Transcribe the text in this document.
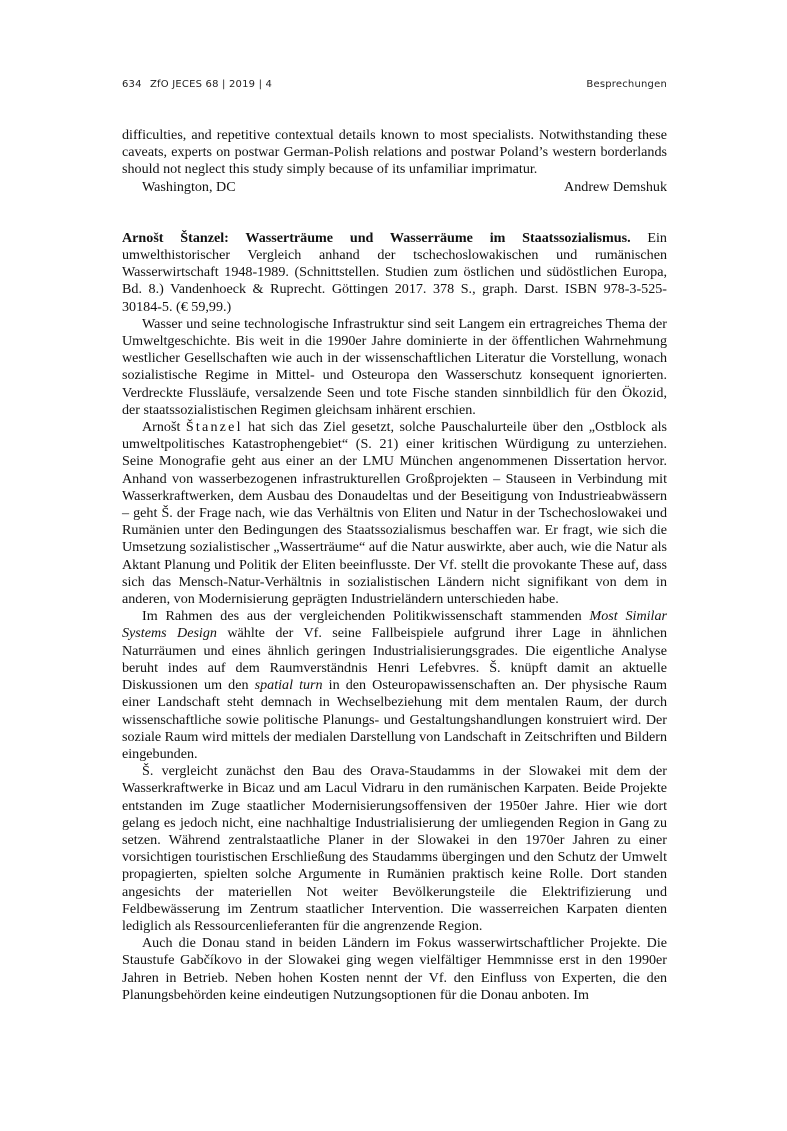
634 ZfO JECES 68 | 2019 | 4	Besprechungen

difficulties, and repetitive contextual details known to most specialists. Notwithstanding these caveats, experts on postwar German-Polish relations and postwar Poland’s western borderlands should not neglect this study simply because of its unfamiliar imprimatur.

Washington, DC	Andrew Demshuk

Arnošt Štanzel: Wasserträume und Wasserräume im Staatssozialismus. Ein umwelthistorischer Vergleich anhand der tschechoslowakischen und rumänischen Wasserwirtschaft 1948-1989. (Schnittstellen. Studien zum östlichen und südöstlichen Europa, Bd. 8.) Vandenhoeck & Ruprecht. Göttingen 2017. 378 S., graph. Darst. ISBN 978-3-525-30184-5. (€ 59,99.)

Wasser und seine technologische Infrastruktur sind seit Langem ein ertragreiches Thema der Umweltgeschichte. Bis weit in die 1990er Jahre dominierte in der öffentlichen Wahrnehmung westlicher Gesellschaften wie auch in der wissenschaftlichen Literatur die Vorstellung, wonach sozialistische Regime in Mittel- und Osteuropa den Wasserschutz konsequent ignorierten. Verdreckte Flussläufe, versalzende Seen und tote Fische standen sinnbildlich für den Ökozid, der staatssozialistischen Regimen gleichsam inhärent erschien.

Arnošt Štanzel hat sich das Ziel gesetzt, solche Pauschalurteile über den „Ostblock als umweltpolitisches Katastrophengebiet“ (S. 21) einer kritischen Würdigung zu unterziehen. Seine Monografie geht aus einer an der LMU München angenommenen Dissertation hervor. Anhand von wasserbezogenen infrastrukturellen Großprojekten – Stauseen in Verbindung mit Wasserkraftwerken, dem Ausbau des Donaudeltas und der Beseitigung von Industrieabwässern – geht Š. der Frage nach, wie das Verhältnis von Eliten und Natur in der Tschechoslowakei und Rumänien unter den Bedingungen des Staatssozialismus beschaffen war. Er fragt, wie sich die Umsetzung sozialistischer „Wasserträume“ auf die Natur auswirkte, aber auch, wie die Natur als Aktant Planung und Politik der Eliten beeinflusste. Der Vf. stellt die provokante These auf, dass sich das Mensch-Natur-Verhältnis in sozialistischen Ländern nicht signifikant von dem in anderen, von Modernisierung geprägten Industrieländern unterschieden habe.

Im Rahmen des aus der vergleichenden Politikwissenschaft stammenden Most Similar Systems Design wählte der Vf. seine Fallbeispiele aufgrund ihrer Lage in ähnlichen Naturräumen und eines ähnlich geringen Industrialisierungsgrades. Die eigentliche Analyse beruht indes auf dem Raumverständnis Henri Lefebvres. Š. knüpft damit an aktuelle Diskussionen um den spatial turn in den Osteuropawissenschaften an. Der physische Raum einer Landschaft steht demnach in Wechselbeziehung mit dem mentalen Raum, der durch wissenschaftliche sowie politische Planungs- und Gestaltungshandlungen konstruiert wird. Der soziale Raum wird mittels der medialen Darstellung von Landschaft in Zeitschriften und Bildern eingebunden.

Š. vergleicht zunächst den Bau des Orava-Staudamms in der Slowakei mit dem der Wasserkraftwerke in Bicaz und am Lacul Vidraru in den rumänischen Karpaten. Beide Projekte entstanden im Zuge staatlicher Modernisierungsoffensiven der 1950er Jahre. Hier wie dort gelang es jedoch nicht, eine nachhaltige Industrialisierung der umliegenden Region in Gang zu setzen. Während zentralstaatliche Planer in der Slowakei in den 1970er Jahren zu einer vorsichtigen touristischen Erschließung des Staudamms übergingen und den Schutz der Umwelt propagierten, spielten solche Argumente in Rumänien praktisch keine Rolle. Dort standen angesichts der materiellen Not weiter Bevölkerungsteile die Elektrifizierung und Feldbewässerung im Zentrum staatlicher Intervention. Die wasserreichen Karpaten dienten lediglich als Ressourcenlieferanten für die angrenzende Region.

Auch die Donau stand in beiden Ländern im Fokus wasserwirtschaftlicher Projekte. Die Staustufe Gabčíkovo in der Slowakei ging wegen vielfältiger Hemmnisse erst in den 1990er Jahren in Betrieb. Neben hohen Kosten nennt der Vf. den Einfluss von Experten, die den Planungsbehörden keine eindeutigen Nutzungsoptionen für die Donau anboten. Im
